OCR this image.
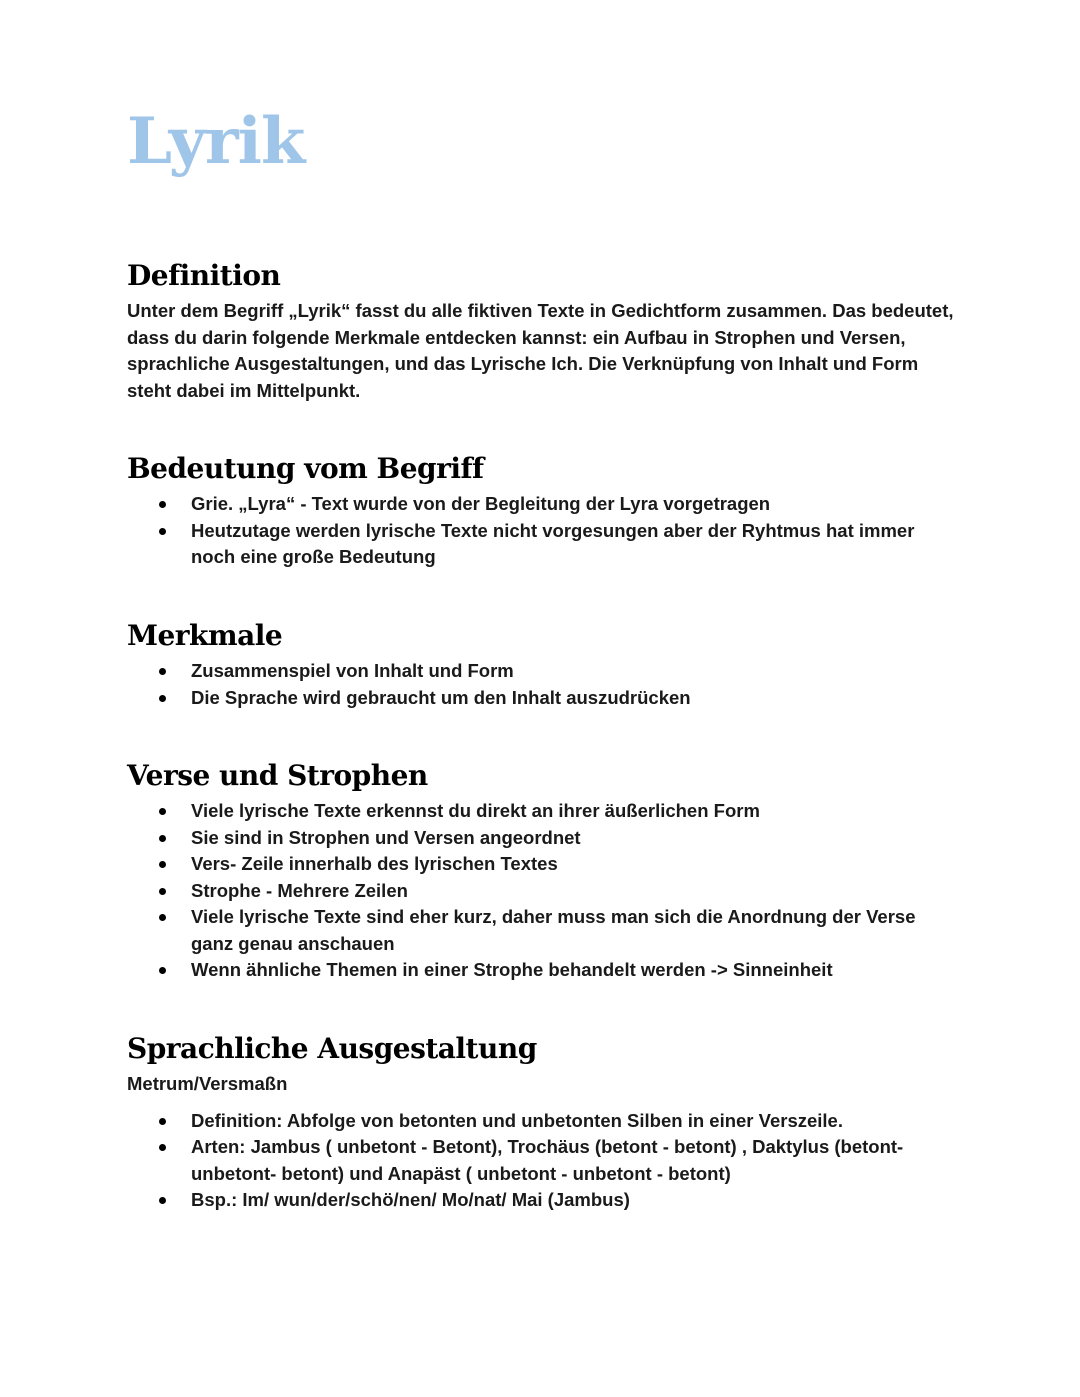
Lyrik
Definition

Unter dem Begriff „Lyrik“ fasst du alle fiktiven Texte in Gedichtform zusammen. Das bedeutet, dass du darin folgende Merkmale entdecken kannst: ein Aufbau in Strophen und Versen, sprachliche Ausgestaltungen, und das Lyrische Ich. Die Verknüpfung von Inhalt und Form steht dabei im Mittelpunkt.

Bedeutung vom Begriff
Grie. „Lyra“ - Text wurde von der Begleitung der Lyra vorgetragen
Heutzutage werden lyrische Texte nicht vorgesungen aber der Ryhtmus hat immer noch eine große Bedeutung
Merkmale
Zusammenspiel von Inhalt und Form
Die Sprache wird gebraucht um den Inhalt auszudrücken
Verse und Strophen
Viele lyrische Texte erkennst du direkt an ihrer äußerlichen Form
Sie sind in Strophen und Versen angeordnet
Vers- Zeile innerhalb des lyrischen Textes
Strophe - Mehrere Zeilen
Viele lyrische Texte sind eher kurz, daher muss man sich die Anordnung der Verse ganz genau anschauen
Wenn ähnliche Themen in einer Strophe behandelt werden -> Sinneinheit
Sprachliche Ausgestaltung

Metrum/Versmaßn

Definition: Abfolge von betonten und unbetonten Silben in einer Verszeile.
Arten: Jambus ( unbetont - Betont), Trochäus (betont - betont) , Daktylus (betont- unbetont- betont) und Anapäst ( unbetont - unbetont - betont)
Bsp.: Im/ wun/der/schö/nen/ Mo/nat/ Mai (Jambus)
